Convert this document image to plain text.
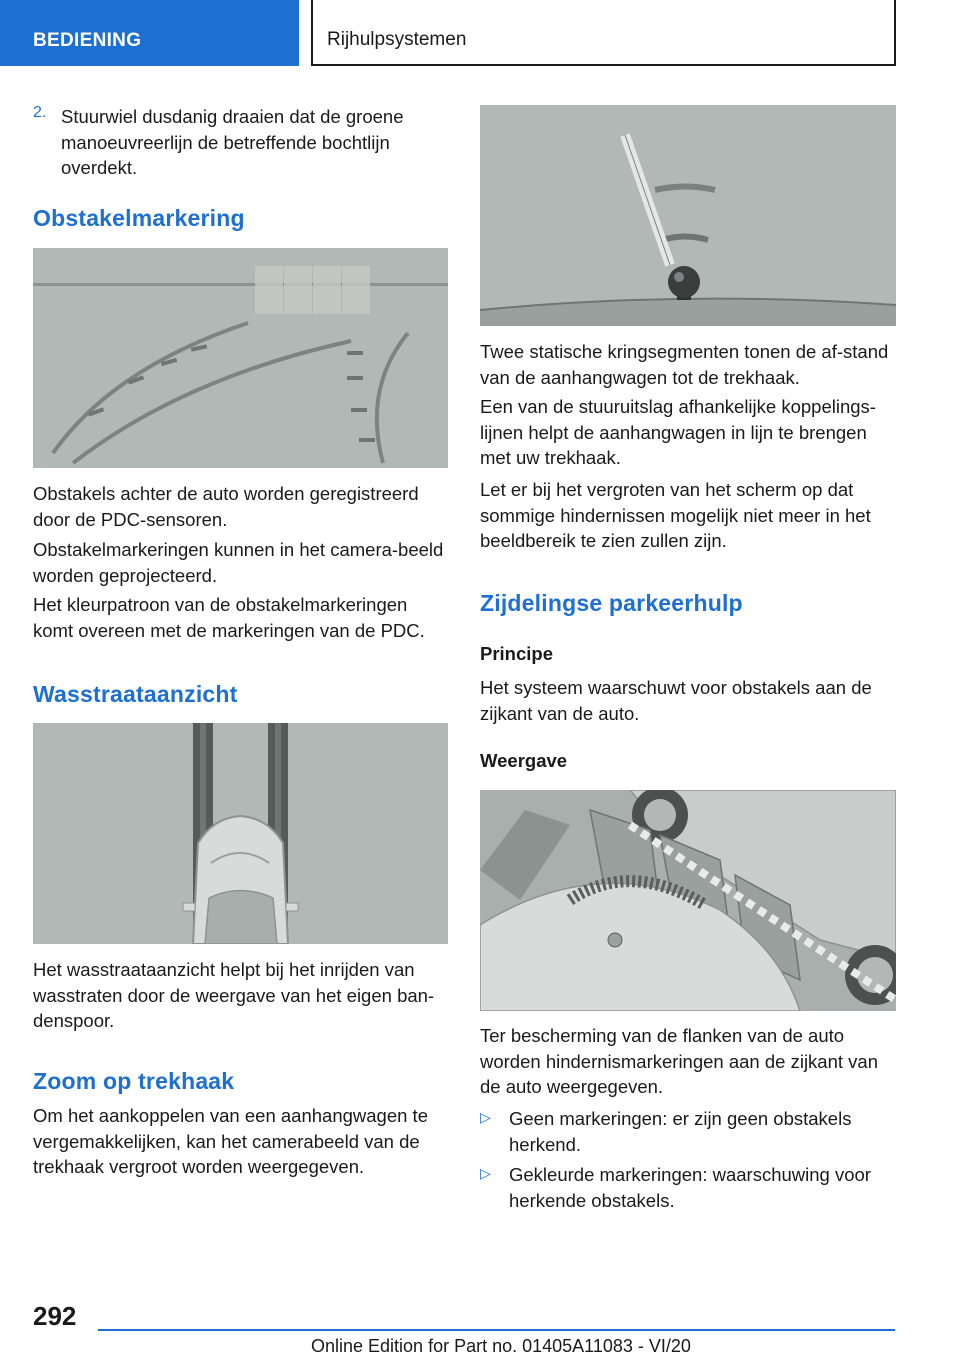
BEDIENING	Rijhulpsystemen
2. Stuurwiel dusdanig draaien dat de groene manoeuvreerlijn de betreffende bochtlijn overdekt.

Obstakelmarkering

Obstakels achter de auto worden geregistreerd door de PDC-sensoren.

Obstakelmarkeringen kunnen in het camera-beeld worden geprojecteerd.

Het kleurpatroon van de obstakelmarkeringen komt overeen met de markeringen van de PDC.

Wasstraataanzicht

Het wasstraataanzicht helpt bij het inrijden van wasstraten door de weergave van het eigen ban-denspoor.

Zoom op trekhaak

Om het aankoppelen van een aanhangwagen te vergemakkelijken, kan het camerabeeld van de trekhaak vergroot worden weergegeven.

Twee statische kringsegmenten tonen de af-stand van de aanhangwagen tot de trekhaak.

Een van de stuuruitslag afhankelijke koppelings-lijnen helpt de aanhangwagen in lijn te brengen met uw trekhaak.

Let er bij het vergroten van het scherm op dat sommige hindernissen mogelijk niet meer in het beeldbereik te zien zullen zijn.

Zijdelingse parkeerhulp
Principe

Het systeem waarschuwt voor obstakels aan de zijkant van de auto.

Weergave

Ter bescherming van de flanken van de auto worden hindernismarkeringen aan de zijkant van de auto weergegeven.

▷ Geen markeringen: er zijn geen obstakels herkend.

▷ Gekleurde markeringen: waarschuwing voor herkende obstakels.

292
Online Edition for Part no. 01405A11083 - VI/20
